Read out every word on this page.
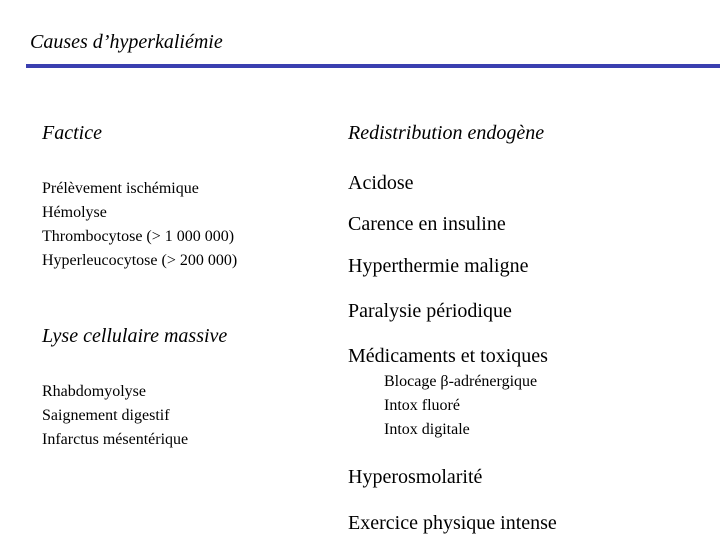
Causes d’hyperkaliémie
Factice
Prélèvement ischémique
Hémolyse
Thrombocytose (> 1 000 000)
Hyperleucocytose (> 200 000)
Lyse cellulaire massive
Rhabdomyolyse
Saignement digestif
Infarctus mésentérique
Redistribution endogène
Acidose
Carence en insuline
Hyperthermie maligne
Paralysie périodique
Médicaments et toxiques
Blocage β-adrénergique
Intox fluoré
Intox digitale
Hyperosmolarité
Exercice physique intense
